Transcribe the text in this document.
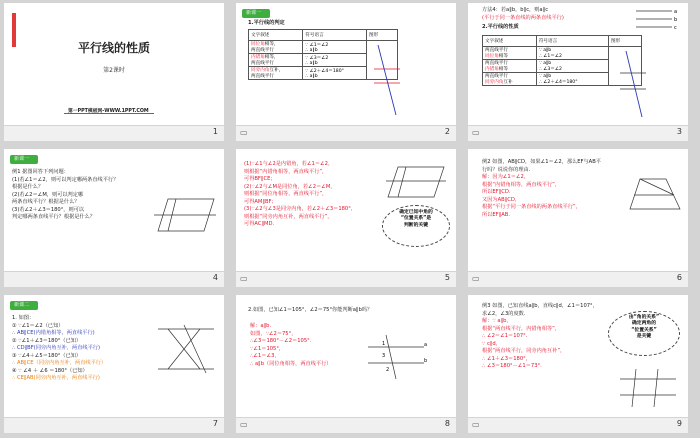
平行线的性质
第2课时
第一PPT模板网-WWW.1PPT.COM
1
新课一
1.平行线的判定
文字叙述	符号语言	图形
同位角相等，
两直线平行	∵ ∠1＝∠2
∴ a∥b	
内错角相等，
两直线平行	∵ ∠3＝∠2
∴ a∥b	
同旁内角互补，
两直线平行	∵ ∠2＋∠4＝180°
∴ a∥b	
▭	2
方法4：若a∥b，b∥c，则a∥c
(平行于同一条直线的两条直线平行)
a
b
c
2.平行线的性质
文字叙述	符号语言	图形
两直线平行
同位角相等	∵ a∥b
∴ ∠1＝∠2	
两直线平行
内错角相等	∵ a∥b
∴ ∠3＝∠2	
两直线平行
同旁内角互补	∵ a∥b
∴ ∠2＋∠4＝180°	
▭	3
新课一
例1 据图回答下列问题：
(1)若∠1＝∠2，则可以判定哪两条直线平行？
根据是什么？
(2)若∠2＝∠M，则可以判定哪
两条直线平行？根据是什么？
(3)若∠2＋∠3＝180°，则可以
判定哪两条直线平行？根据是什么？
4
(1)∵∠1与∠2是内错角，若∠1＝∠2，
则根据“内错角相等，两直线平行”，
可得BF∥CE；
(2)∵∠2与∠M是同位角，若∠2＝∠M，
则根据“同位角相等，两直线平行”，
可得AM∥BF；
(3)∵∠2与∠3是同旁内角，若∠2＋∠3＝180°，
则根据“同旁内角互补，两直线平行”，
可得AC∥MD.
确定已知中角的
“位置关系”是
判断的关键
▭	5
例2 如图，AB∥CD，如果∠1＝∠2，那么EF与AB平
行吗？说说你的理由.
解：因为∠1＝∠2，
根据“内错角相等，两直线平行”，
所以EF∥CD.
又因为AB∥CD，
根据“平行于同一条直线的两条直线平行”，
所以EF∥AB.
▭	6
新课二
1. 如图：
① ∵∠1＝∠2（已知）
∴ AB∥CE(内错角相等，两直线平行)
② ∵∠1＋∠3＝180°（已知）
∴ CD∥BF(同旁内角互补，两直线平行)
③ ∵∠4＋∠5＝180°（已知）
∴ AB∥CE（同旁内角互补，两直线平行）
④ ∵ ∠4 ＋ ∠6 ＝180°（已知）
∴ CE∥AB(同旁内角互补，两直线平行)
7
2.如图，已知∠1＝105°，∠2＝75°你能判断a∥b吗？
解：a∥b.
如图，∵∠2＝75°，
∴∠3＝180°－∠2＝105°.
∵∠1＝105°，
∴∠1＝∠3，
∴ a∥b（同位角相等，两直线平行）
a
b
1
3
2
▭	8
例3 如图，已知直线a∥b，直线c∥d，∠1＝107°，
求∠2，∠3的度数.
解：∵ a∥b，
根据“两直线平行，内错角相等”，
∴ ∠2＝∠1＝107°.
∵ c∥d，
根据“两直线平行，同旁内角互补”，
∴ ∠1＋∠3＝180°，
∴ ∠3＝180°－∠1＝73°.
由“角的关系”
确定两角的
“位置关系”
是关键
▭	9
